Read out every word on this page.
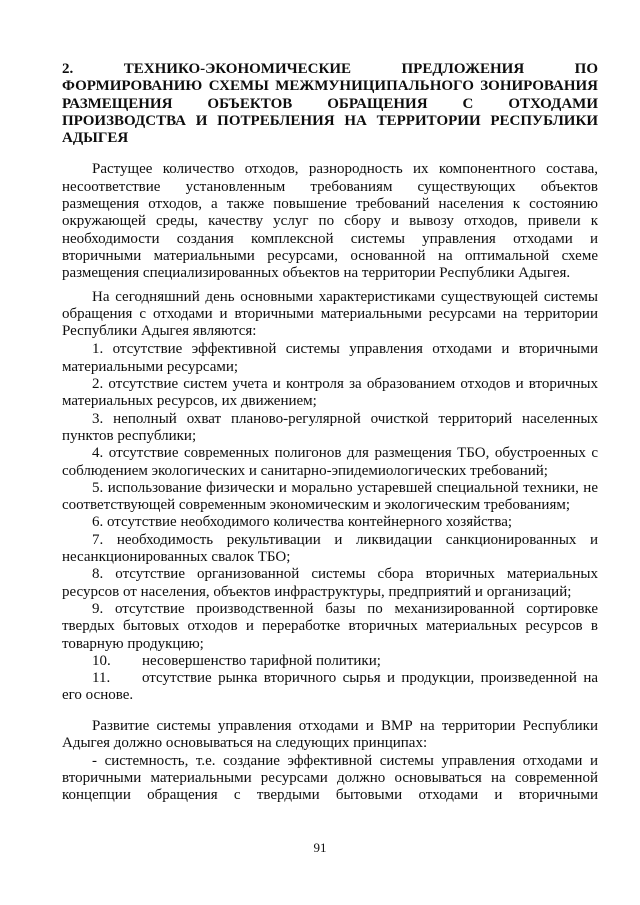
2.	ТЕХНИКО-ЭКОНОМИЧЕСКИЕ ПРЕДЛОЖЕНИЯ ПО
ФОРМИРОВАНИЮ СХЕМЫ МЕЖМУНИЦИПАЛЬНОГО ЗОНИРОВАНИЯ
РАЗМЕЩЕНИЯ ОБЪЕКТОВ ОБРАЩЕНИЯ С ОТХОДАМИ
ПРОИЗВОДСТВА И ПОТРЕБЛЕНИЯ НА ТЕРРИТОРИИ РЕСПУБЛИКИ
АДЫГЕЯ
Растущее количество отходов, разнородность их компонентного состава,
несоответствие установленным требованиям существующих объектов
размещения отходов, а также повышение требований населения к состоянию
окружающей среды, качеству услуг по сбору и вывозу отходов, привели к
необходимости создания комплексной системы управления отходами и
вторичными материальными ресурсами, основанной на оптимальной схеме
размещения специализированных объектов на территории Республики Адыгея.
На сегодняшний день основными характеристиками существующей системы
обращения с отходами и вторичными материальными ресурсами на территории
Республики Адыгея являются:
1. отсутствие эффективной системы управления отходами и вторичными
материальными ресурсами;
2. отсутствие систем учета и контроля за образованием отходов и вторичных
материальных ресурсов, их движением;
3. неполный охват планово-регулярной очисткой территорий населенных
пунктов республики;
4. отсутствие современных полигонов для размещения ТБО, обустроенных с
соблюдением экологических и санитарно-эпидемиологических требований;
5. использование физически и морально устаревшей специальной техники, не
соответствующей современным экономическим и экологическим требованиям;
6. отсутствие необходимого количества контейнерного хозяйства;
7. необходимость рекультивации и ликвидации санкционированных и
несанкционированных свалок ТБО;
8. отсутствие организованной системы сбора вторичных материальных
ресурсов от населения, объектов инфраструктуры, предприятий и организаций;
9. отсутствие производственной базы по механизированной сортировке
твердых бытовых отходов и переработке вторичных материальных ресурсов в
товарную продукцию;
10. несовершенство тарифной политики;
11. отсутствие рынка вторичного сырья и продукции, произведенной на
его основе.
Развитие системы управления отходами и ВМР на территории Республики
Адыгея должно основываться на следующих принципах:
- системность, т.е. создание эффективной системы управления отходами и
вторичными материальными ресурсами должно основываться на современной
концепции обращения с твердыми бытовыми отходами и вторичными
91
